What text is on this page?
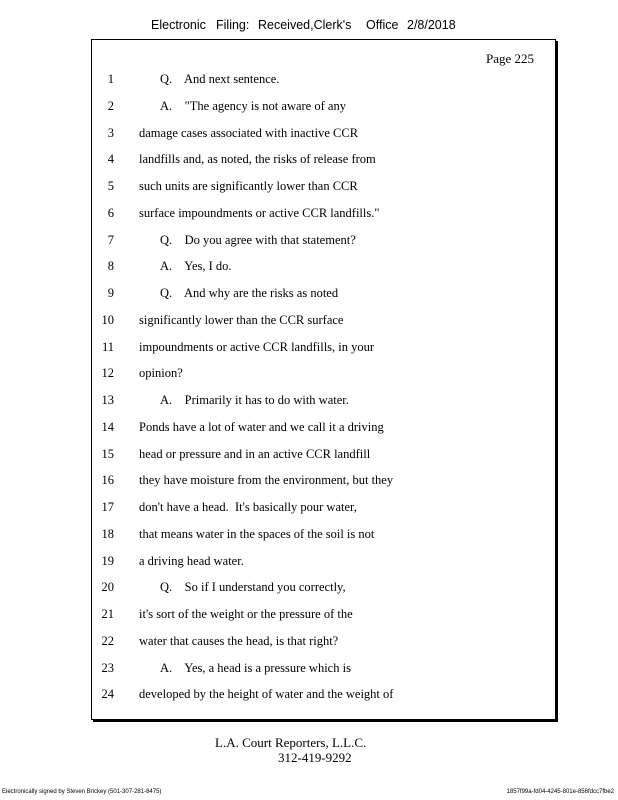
Electronic Filing: Received,Clerk's Office 2/8/2018
Page 225
1	Q.    And next sentence.
2	A.    "The agency is not aware of any
3 damage cases associated with inactive CCR
4 landfills and, as noted, the risks of release from
5 such units are significantly lower than CCR
6 surface impoundments or active CCR landfills."
7	Q.    Do you agree with that statement?
8	A.    Yes, I do.
9	Q.    And why are the risks as noted
10 significantly lower than the CCR surface
11 impoundments or active CCR landfills, in your
12 opinion?
13	A.    Primarily it has to do with water.
14 Ponds have a lot of water and we call it a driving
15 head or pressure and in an active CCR landfill
16 they have moisture from the environment, but they
17 don't have a head.  It's basically pour water,
18 that means water in the spaces of the soil is not
19 a driving head water.
20	Q.    So if I understand you correctly,
21 it's sort of the weight or the pressure of the
22 water that causes the head, is that right?
23	A.    Yes, a head is a pressure which is
24 developed by the height of water and the weight of
L.A. Court Reporters, L.L.C.
312-419-9292
Electronically signed by Steven Brickey (501-307-281-8475)	1857f99a-fd04-4245-801e-856fdcc7fbe2
